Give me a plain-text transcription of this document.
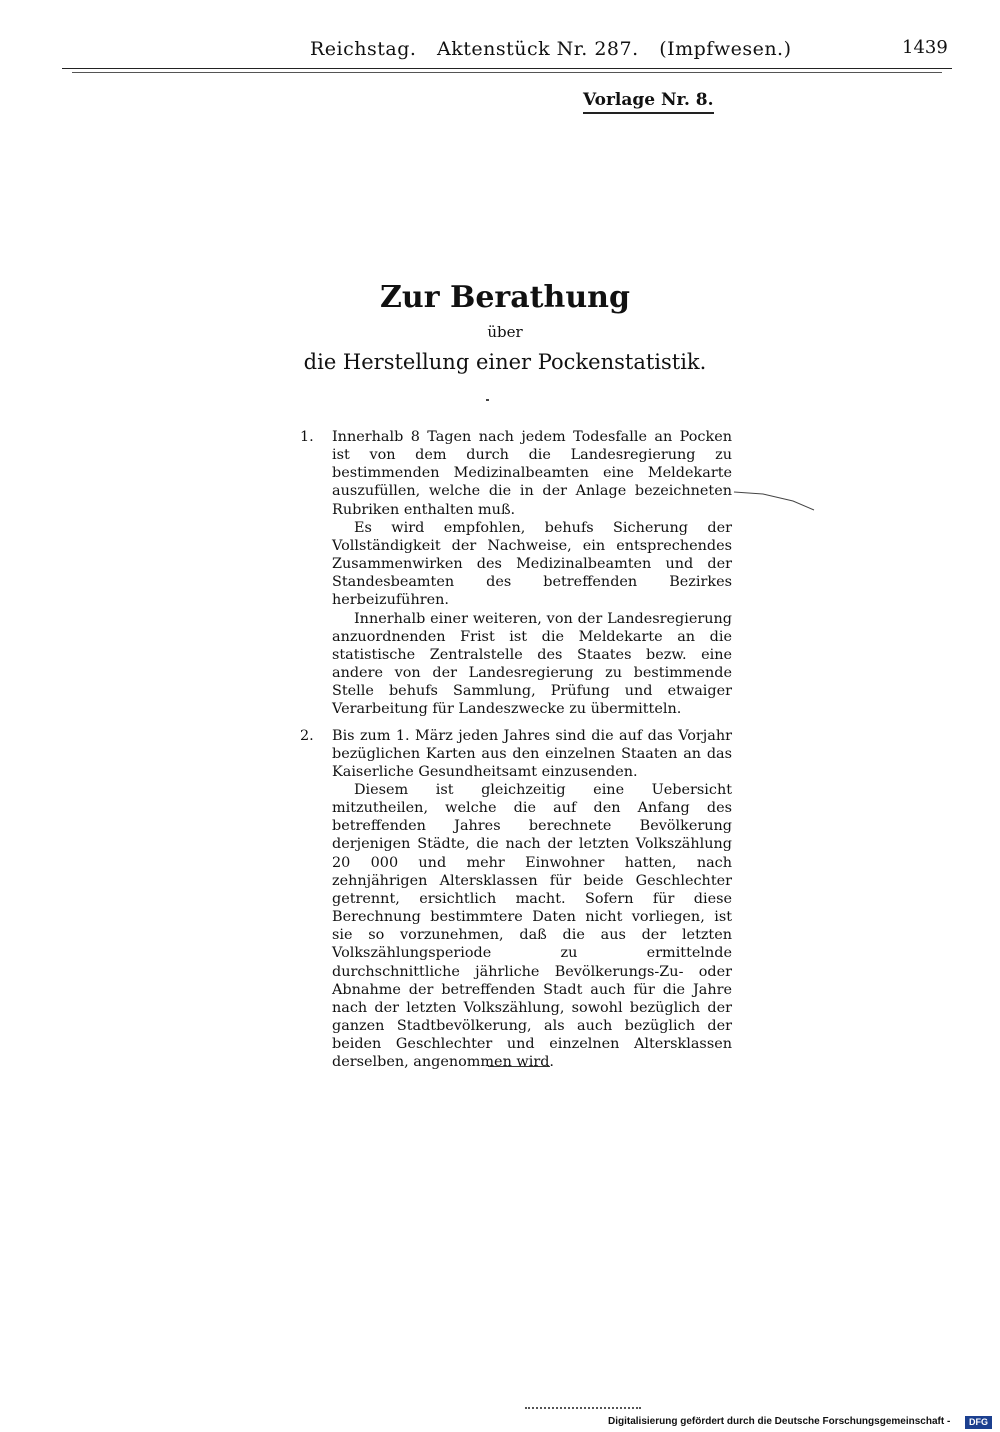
Reichstag. Aktenstück Nr. 287. (Impfwesen.)	1439
Vorlage Nr. 8.
Zur Berathung
über
die Herstellung einer Pockenstatistik.
1. Innerhalb 8 Tagen nach jedem Todesfalle an Pocken ist von dem durch die Landesregierung zu bestimmenden Medizinalbeamten eine Meldekarte auszufüllen, welche die in der Anlage bezeichneten Rubriken enthalten muß.

Es wird empfohlen, behufs Sicherung der Vollständigkeit der Nachweise, ein entsprechendes Zusammenwirken des Medizinalbeamten und der Standesbeamten des betreffenden Bezirkes herbeizuführen.

Innerhalb einer weiteren, von der Landesregierung anzuordnenden Frist ist die Meldekarte an die statistische Zentralstelle des Staates bezw. eine andere von der Landesregierung zu bestimmende Stelle behufs Sammlung, Prüfung und etwaiger Verarbeitung für Landeszwecke zu übermitteln.

2. Bis zum 1. März jeden Jahres sind die auf das Vorjahr bezüglichen Karten aus den einzelnen Staaten an das Kaiserliche Gesundheitsamt einzusenden.

Diesem ist gleichzeitig eine Uebersicht mitzutheilen, welche die auf den Anfang des betreffenden Jahres berechnete Bevölkerung derjenigen Städte, die nach der letzten Volkszählung 20 000 und mehr Einwohner hatten, nach zehnjährigen Altersklassen für beide Geschlechter getrennt, ersichtlich macht. Sofern für diese Berechnung bestimmtere Daten nicht vorliegen, ist sie so vorzunehmen, daß die aus der letzten Volkszählungsperiode zu ermittelnde durchschnittliche jährliche Bevölkerungs-Zu- oder Abnahme der betreffenden Stadt auch für die Jahre nach der letzten Volkszählung, sowohl bezüglich der ganzen Stadtbevölkerung, als auch bezüglich der beiden Geschlechter und einzelnen Altersklassen derselben, angenommen wird.

Digitalisierung gefördert durch die Deutsche Forschungsgemeinschaft -	DFG
